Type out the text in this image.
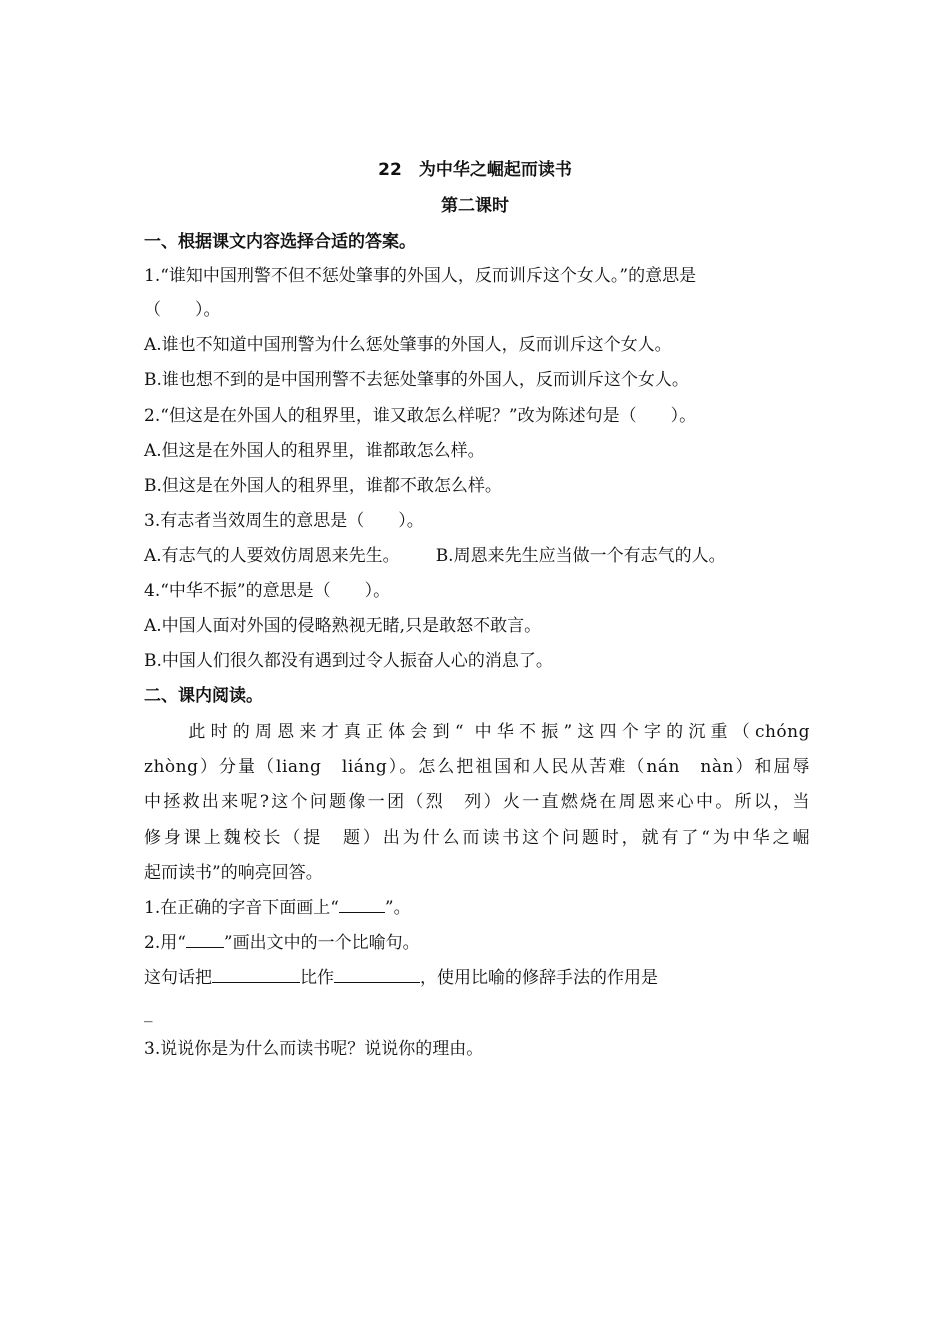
22　为中华之崛起而读书
第二课时
一、根据课文内容选择合适的答案。
1.“谁知中国刑警不但不惩处肇事的外国人，反而训斥这个女人。”的意思是
（　　）。
A.谁也不知道中国刑警为什么惩处肇事的外国人，反而训斥这个女人。
B.谁也想不到的是中国刑警不去惩处肇事的外国人，反而训斥这个女人。
2.“但这是在外国人的租界里，谁又敢怎么样呢？”改为陈述句是（　　）。
A.但这是在外国人的租界里，谁都敢怎么样。
B.但这是在外国人的租界里，谁都不敢怎么样。
3.有志者当效周生的意思是（　　）。
A.有志气的人要效仿周恩来先生。 B.周恩来先生应当做一个有志气的人。
4.“中华不振”的意思是（　　）。
A.中国人面对外国的侵略熟视无睹,只是敢怒不敢言。
B.中国人们很久都没有遇到过令人振奋人心的消息了。
二、课内阅读。
　　此时的周恩来才真正体会到“ 中华不振”这四个字的沉重（chóng
zhòng）分量（liang　liáng）。怎么把祖国和人民从苦难（nán　nàn）和屈辱
中拯救出来呢?这个问题像一团（烈　列）火一直燃烧在周恩来心中。所以，当
修身课上魏校长（提　题）出为什么而读书这个问题时，就有了“为中华之崛
起而读书”的响亮回答。
1.在正确的字音下面画上“	”。
2.用“ ”画出文中的一个比喻句。
这句话把	比作	，使用比喻的修辞手法的作用是
_
3.说说你是为什么而读书呢？说说你的理由。
